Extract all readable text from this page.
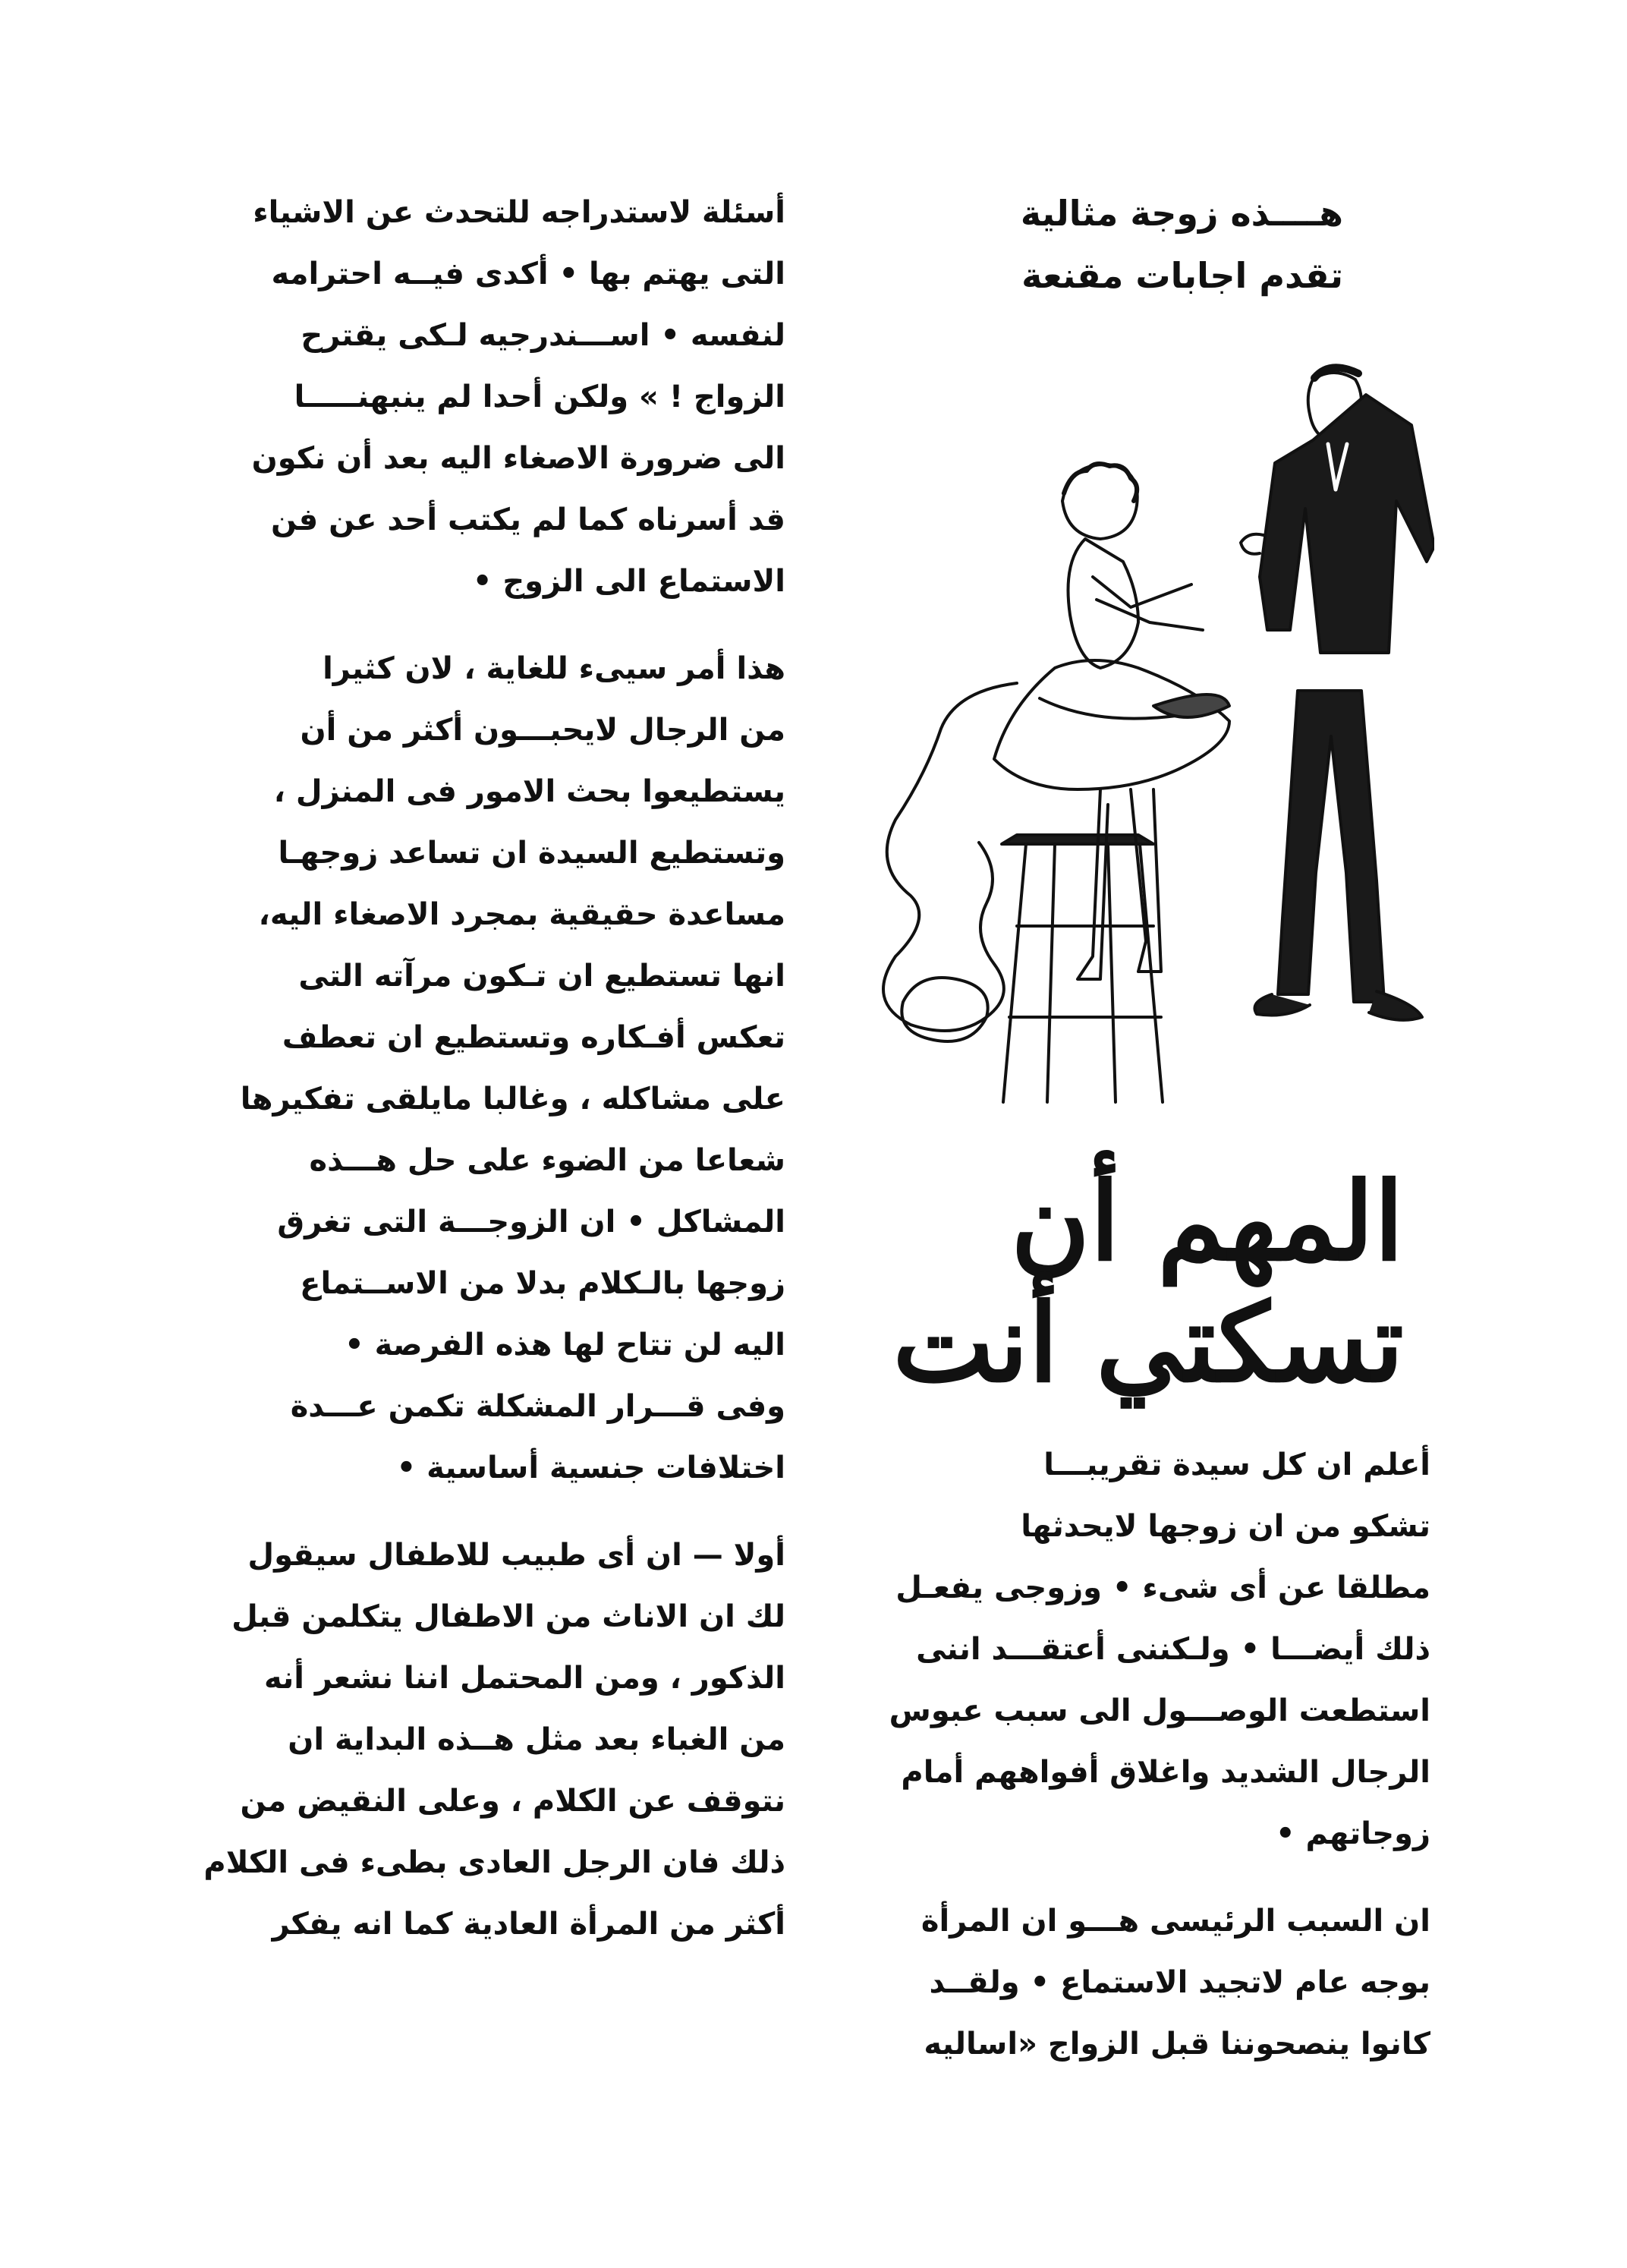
هــــذه زوجة مثالية
تقدم اجابات مقنعة
المهم أن
تسكتي أنت
أسئلة لاستدراجه للتحدث عن الاشياء
التى يهتم بها • أكدى فيــه احترامه
لنفسه • اســـندرجيه لـكى يقترح
الزواج ! » ولكن أحدا لم ينبهنـــــا
الى ضرورة الاصغاء اليه بعد أن نكون
قد أسرناه كما لم يكتب أحد عن فن
الاستماع الى الزوج •
هذا أمر سيىء للغاية ، لان كثيرا
من الرجال لايحبـــون أكثر من أن
يستطيعوا بحث الامور فى المنزل ،
وتستطيع السيدة ان تساعد زوجهـا
مساعدة حقيقية بمجرد الاصغاء اليه،
انها تستطيع ان تـكون مرآته التى
تعكس أفـكاره وتستطيع ان تعطف
على مشاكله ، وغالبا مايلقى تفكيرها
شعاعا من الضوء على حل هـــذه
المشاكل • ان الزوجـــة التى تغرق
زوجها بالـكلام بدلا من الاســتماع
اليه لن تتاح لها هذه الفرصة •
وفى قـــرار المشكلة تكمن عـــدة
اختلافات جنسية أساسية •
أولا — ان أى طبيب للاطفال سيقول
لك ان الاناث من الاطفال يتكلمن قبل
الذكور ، ومن المحتمل اننا نشعر أنه
من الغباء بعد مثل هــذه البداية ان
نتوقف عن الكلام ، وعلى النقيض من
ذلك فان الرجل العادى بطىء فى الكلام
أكثر من المرأة العادية كما انه يفكر
أعلم ان كل سيدة تقريبـــا
تشكو من ان زوجها لايحدثها
مطلقا عن أى شىء • وزوجى يفعـل
ذلك أيضـــا • ولـكننى أعتقـــد اننى
استطعت الوصـــول الى سبب عبوس
الرجال الشديد واغلاق أفواههم أمام
زوجاتهم •
ان السبب الرئيسى هـــو ان المرأة
بوجه عام لاتجيد الاستماع • ولقــد
كانوا ينصحوننا قبل الزواج «اساليه
